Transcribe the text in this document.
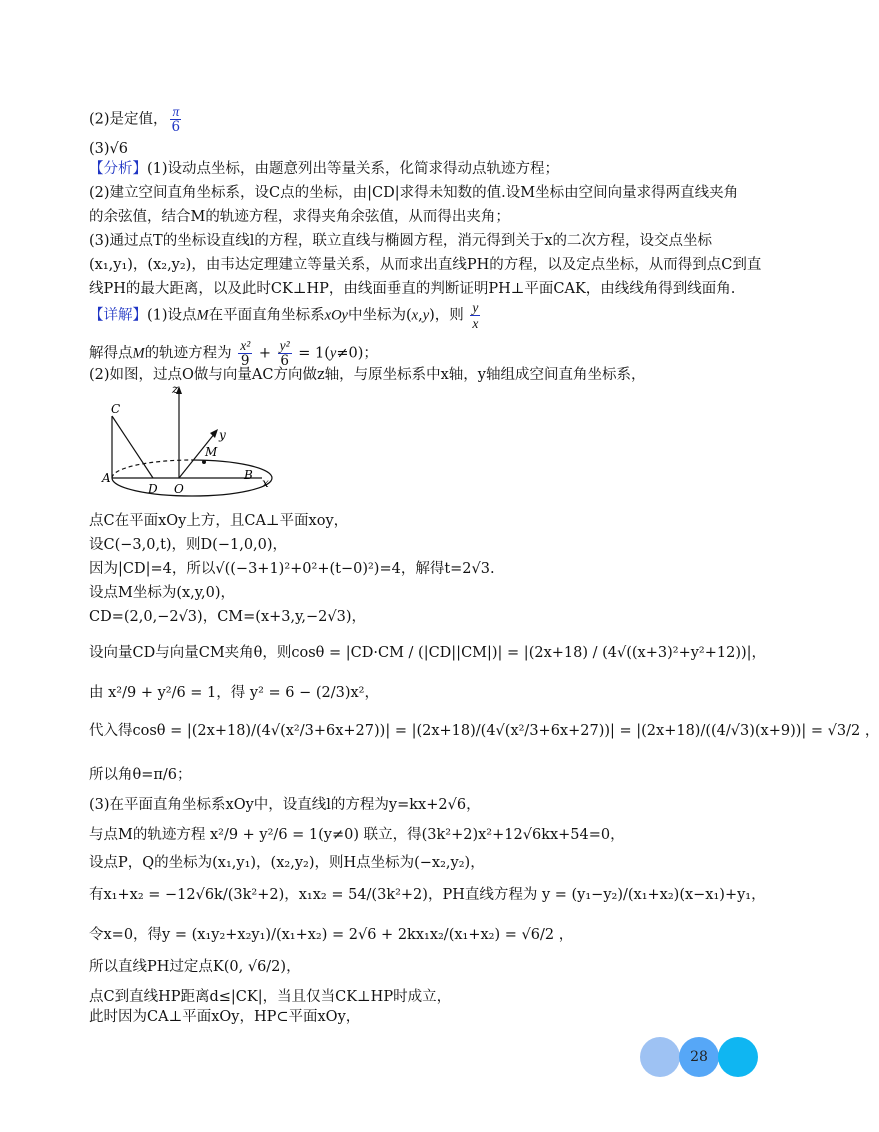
(2)是定值， $\frac{\pi}{6}$
(3)√6
【分析】(1)设动点坐标，由题意列出等量关系，化简求得动点轨迹方程；
(2)建立空间直角坐标系，设C点的坐标，由|CD|求得未知数的值.设M坐标由空间向量求得两直线夹角
的余弦值，结合M的轨迹方程，求得夹角余弦值，从而得出夹角；
(3)通过点T的坐标设直线l的方程，联立直线与椭圆方程，消元得到关于x的二次方程，设交点坐标
(x₁,y₁)，(x₂,y₂)，由韦达定理建立等量关系，从而求出直线PH的方程，以及定点坐标，从而得到点C到直
线PH的最大距离，以及此时CK⊥HP，由线面垂直的判断证明PH⊥平面CAK，由线线角得到线面角.
【详解】(1)设点M在平面直角坐标系xOy中坐标为(x,y)，则 $\frac{y}{x}$
解得点M的轨迹方程为 $\frac{\text{x²}}{9} + \frac{\text{y²}}{6} = 1(y\ne 0)$；
(2)如图，过点O做与向量AC方向做z轴，与原坐标系中x轴，y轴组成空间直角坐标系，
C
A
D O
B
x
y
z
M
点C在平面xOy上方，且CA⊥平面xoy，
设C(−3,0,t)，则D(−1,0,0)，
因为|CD|=4，所以√((−3+1)²+0²+(t−0)²)=4，解得t=2√3.
设点M坐标为(x,y,0)，
CD=(2,0,−2√3)，CM=(x+3,y,−2√3)，
设向量CD与向量CM夹角θ，则cosθ = |CD·CM / (|CD||CM|)| = |(2x+18) / (4√((x+3)²+y²+12))|，
由 x²/9 + y²/6 = 1，得 y² = 6 − (2/3)x²，
代入得cosθ = |(2x+18)/(4√(x²/3+6x+27))| = |(2x+18)/(4√(x²/3+6x+27))| = |(2x+18)/((4/√3)(x+9))| = √3/2 ，
所以角θ=π/6；
(3)在平面直角坐标系xOy中，设直线l的方程为y=kx+2√6，
与点M的轨迹方程 x²/9 + y²/6 = 1(y≠0) 联立，得(3k²+2)x²+12√6kx+54=0，
设点P，Q的坐标为(x₁,y₁)，(x₂,y₂)，则H点坐标为(−x₂,y₂)，
有x₁+x₂ = −12√6k/(3k²+2)，x₁x₂ = 54/(3k²+2)，PH直线方程为 y = (y₁−y₂)/(x₁+x₂)(x−x₁)+y₁，
令x=0，得y = (x₁y₂+x₂y₁)/(x₁+x₂) = 2√6 + 2kx₁x₂/(x₁+x₂) = √6/2 ，
所以直线PH过定点K(0, √6/2)，
点C到直线HP距离d≤|CK|，当且仅当CK⊥HP时成立，
此时因为CA⊥平面xOy，HP⊂平面xOy，
28
